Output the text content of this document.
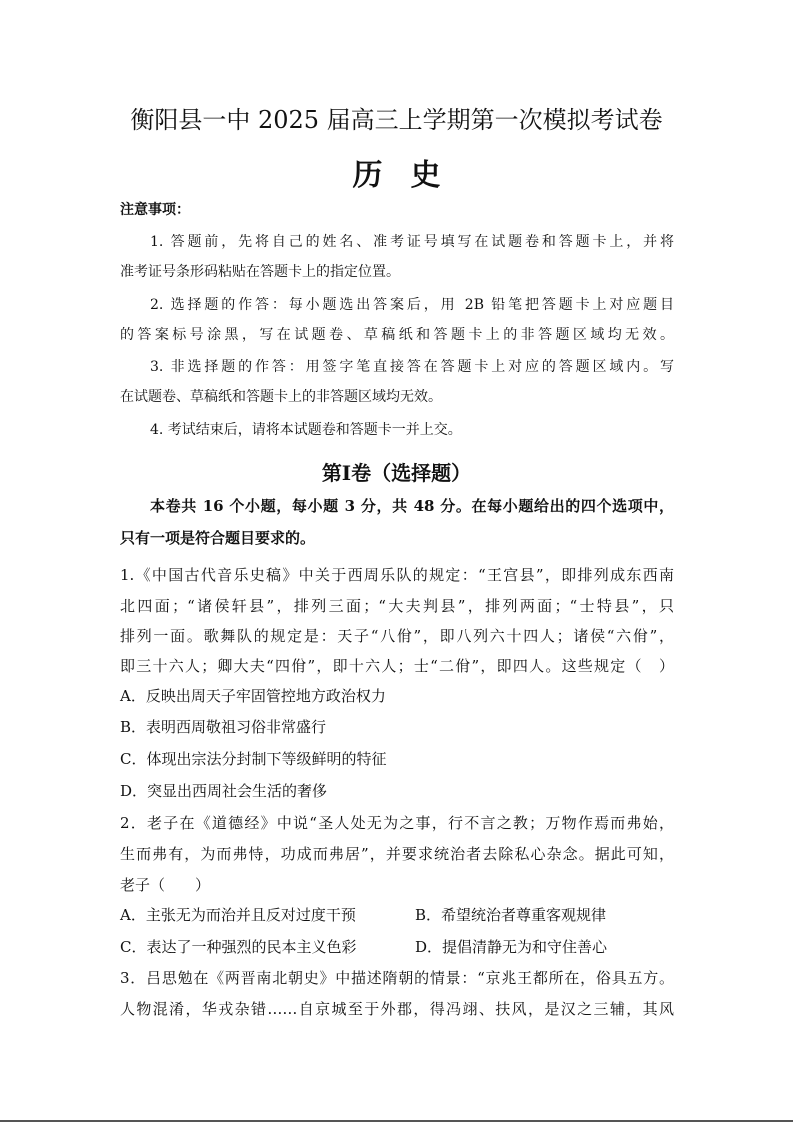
衡阳县一中 2025 届高三上学期第一次模拟考试卷
历史
注意事项：
1. 答题前，先将自己的姓名、准考证号填写在试题卷和答题卡上，并将
准考证号条形码粘贴在答题卡上的指定位置。
2. 选择题的作答：每小题选出答案后，用 2B 铅笔把答题卡上对应题目
的答案标号涂黑，写在试题卷、草稿纸和答题卡上的非答题区域均无效。
3. 非选择题的作答：用签字笔直接答在答题卡上对应的答题区域内。写
在试题卷、草稿纸和答题卡上的非答题区域均无效。
4. 考试结束后，请将本试题卷和答题卡一并上交。
第Ⅰ卷（选择题）
本卷共 16 个小题，每小题 3 分，共 48 分。在每小题给出的四个选项中，
只有一项是符合题目要求的。
1.《中国古代音乐史稿》中关于西周乐队的规定：“王宫县”，即排列成东西南
北四面；“诸侯轩县”，排列三面；“大夫判县”，排列两面；“士特县”，只
排列一面。歌舞队的规定是：天子“八佾”，即八列六十四人；诸侯“六佾”，
即三十六人；卿大夫“四佾”，即十六人；士“二佾”，即四人。这些规定（　）
A．反映出周天子牢固管控地方政治权力
B．表明西周敬祖习俗非常盛行
C．体现出宗法分封制下等级鲜明的特征
D．突显出西周社会生活的奢侈
2．老子在《道德经》中说“圣人处无为之事，行不言之教；万物作焉而弗始，
生而弗有，为而弗恃，功成而弗居”，并要求统治者去除私心杂念。据此可知，
老子（　　）
A．主张无为而治并且反对过度干预	B．希望统治者尊重客观规律
C．表达了一种强烈的民本主义色彩	D．提倡清静无为和守住善心
3．吕思勉在《两晋南北朝史》中描述隋朝的情景：“京兆王都所在，俗具五方。
人物混淆，华戎杂错……自京城至于外郡，得冯翊、扶风，是汉之三辅，其风
